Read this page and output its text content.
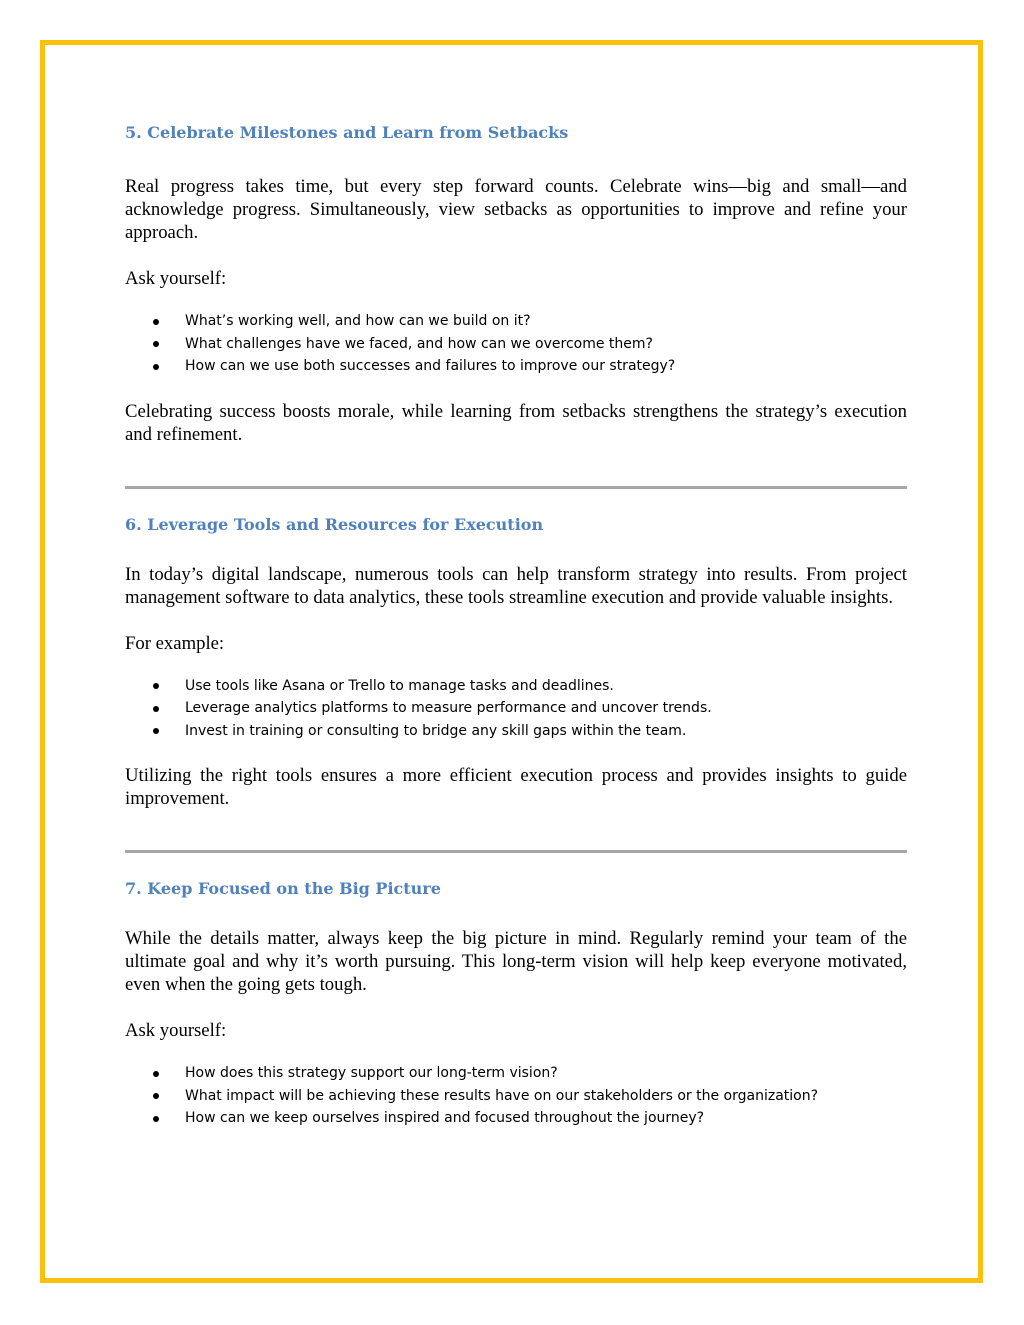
5. Celebrate Milestones and Learn from Setbacks

Real progress takes time, but every step forward counts. Celebrate wins—big and small—and acknowledge progress. Simultaneously, view setbacks as opportunities to improve and refine your approach.

Ask yourself:

What’s working well, and how can we build on it?
What challenges have we faced, and how can we overcome them?
How can we use both successes and failures to improve our strategy?

Celebrating success boosts morale, while learning from setbacks strengthens the strategy’s execution and refinement.

6. Leverage Tools and Resources for Execution

In today’s digital landscape, numerous tools can help transform strategy into results. From project management software to data analytics, these tools streamline execution and provide valuable insights.

For example:

Use tools like Asana or Trello to manage tasks and deadlines.
Leverage analytics platforms to measure performance and uncover trends.
Invest in training or consulting to bridge any skill gaps within the team.

Utilizing the right tools ensures a more efficient execution process and provides insights to guide improvement.

7. Keep Focused on the Big Picture

While the details matter, always keep the big picture in mind. Regularly remind your team of the ultimate goal and why it’s worth pursuing. This long-term vision will help keep everyone motivated, even when the going gets tough.

Ask yourself:

How does this strategy support our long-term vision?
What impact will be achieving these results have on our stakeholders or the organization?
How can we keep ourselves inspired and focused throughout the journey?
